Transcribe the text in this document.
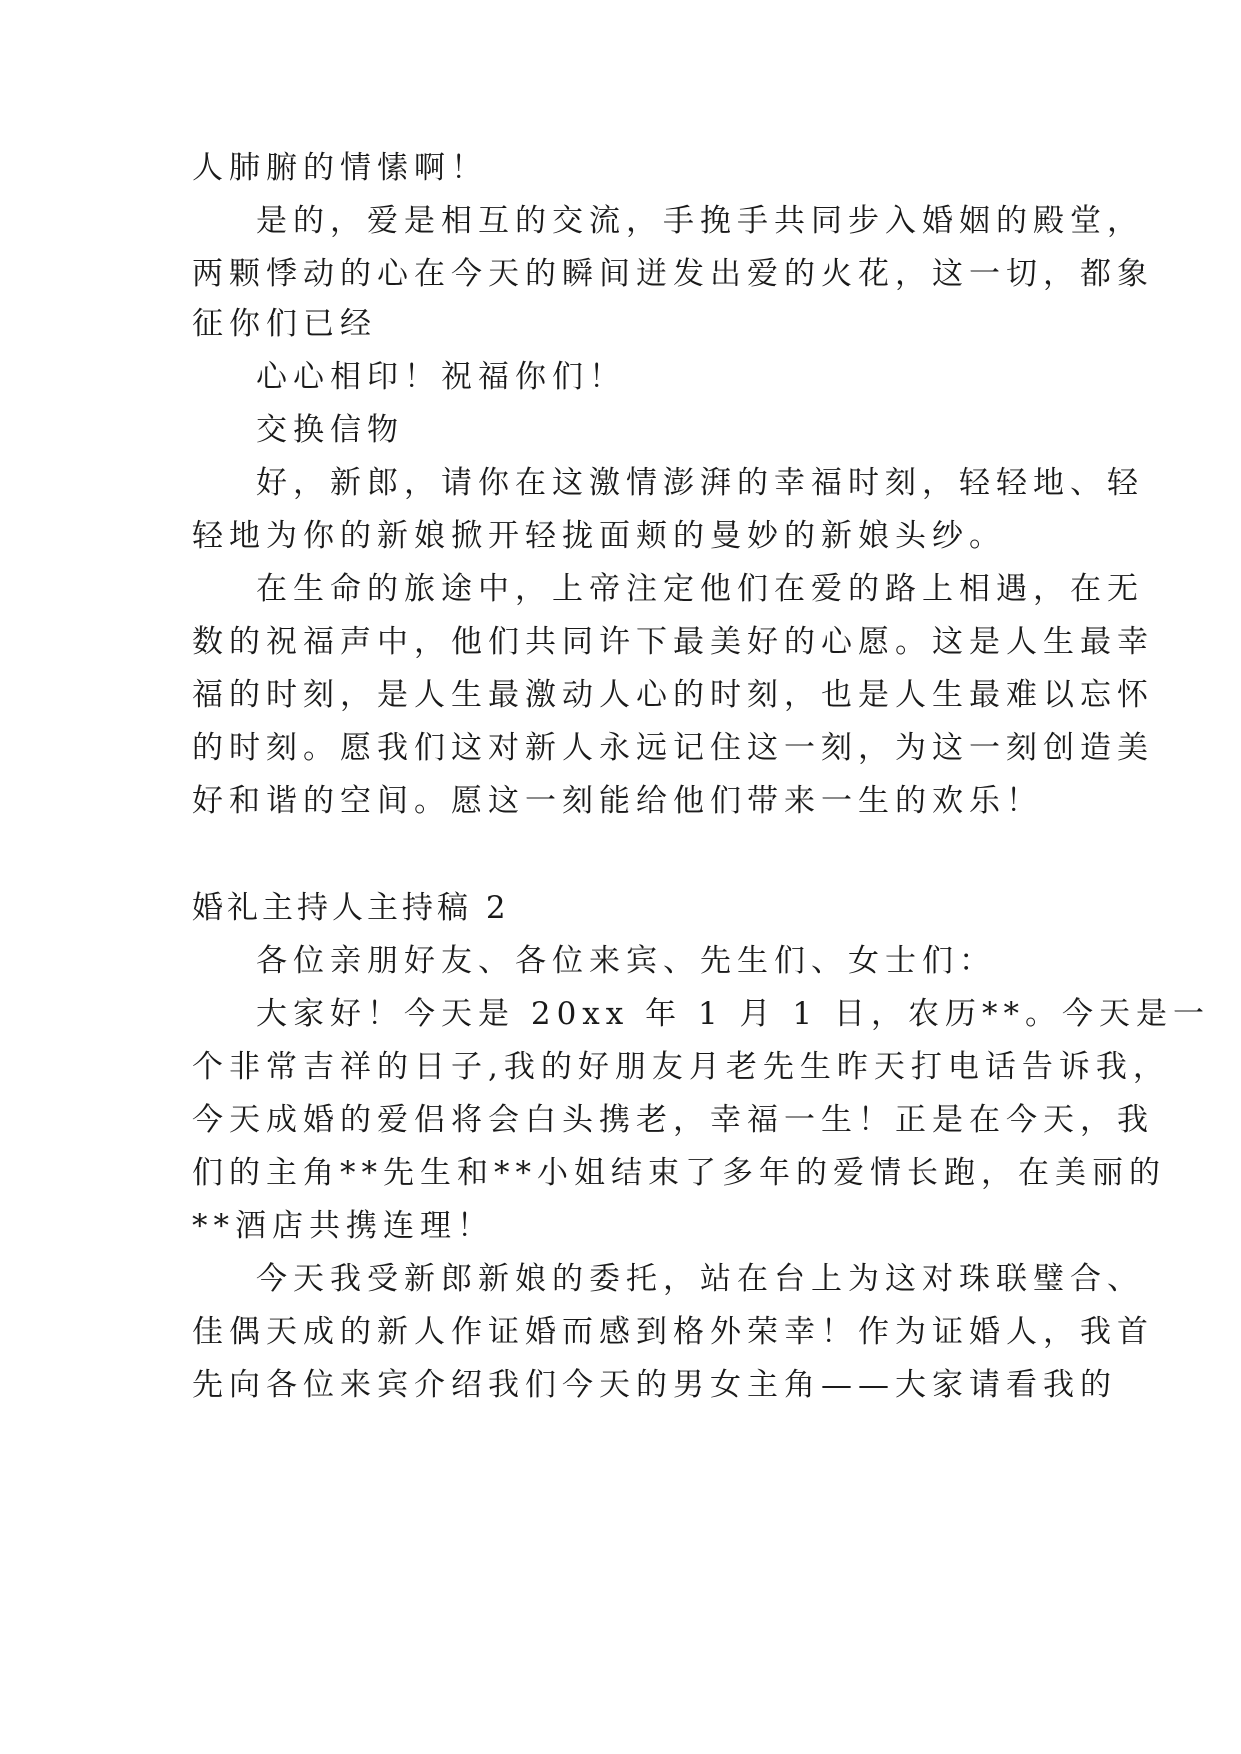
人肺腑的情愫啊！
是的，爱是相互的交流，手挽手共同步入婚姻的殿堂，
两颗悸动的心在今天的瞬间迸发出爱的火花，这一切，都象
征你们已经
心心相印！祝福你们！
交换信物
好，新郎，请你在这激情澎湃的幸福时刻，轻轻地、轻
轻地为你的新娘掀开轻拢面颊的曼妙的新娘头纱。
在生命的旅途中，上帝注定他们在爱的路上相遇，在无
数的祝福声中，他们共同许下最美好的心愿。这是人生最幸
福的时刻，是人生最激动人心的时刻，也是人生最难以忘怀
的时刻。愿我们这对新人永远记住这一刻，为这一刻创造美
好和谐的空间。愿这一刻能给他们带来一生的欢乐！
婚礼主持人主持稿 2
各位亲朋好友、各位来宾、先生们、女士们：
大家好！今天是 20xx 年 1 月 1 日，农历**。今天是一
个非常吉祥的日子,我的好朋友月老先生昨天打电话告诉我，
今天成婚的爱侣将会白头携老，幸福一生！正是在今天，我
们的主角**先生和**小姐结束了多年的爱情长跑，在美丽的
**酒店共携连理！
今天我受新郎新娘的委托，站在台上为这对珠联璧合、
佳偶天成的新人作证婚而感到格外荣幸！作为证婚人，我首
先向各位来宾介绍我们今天的男女主角——大家请看我的
